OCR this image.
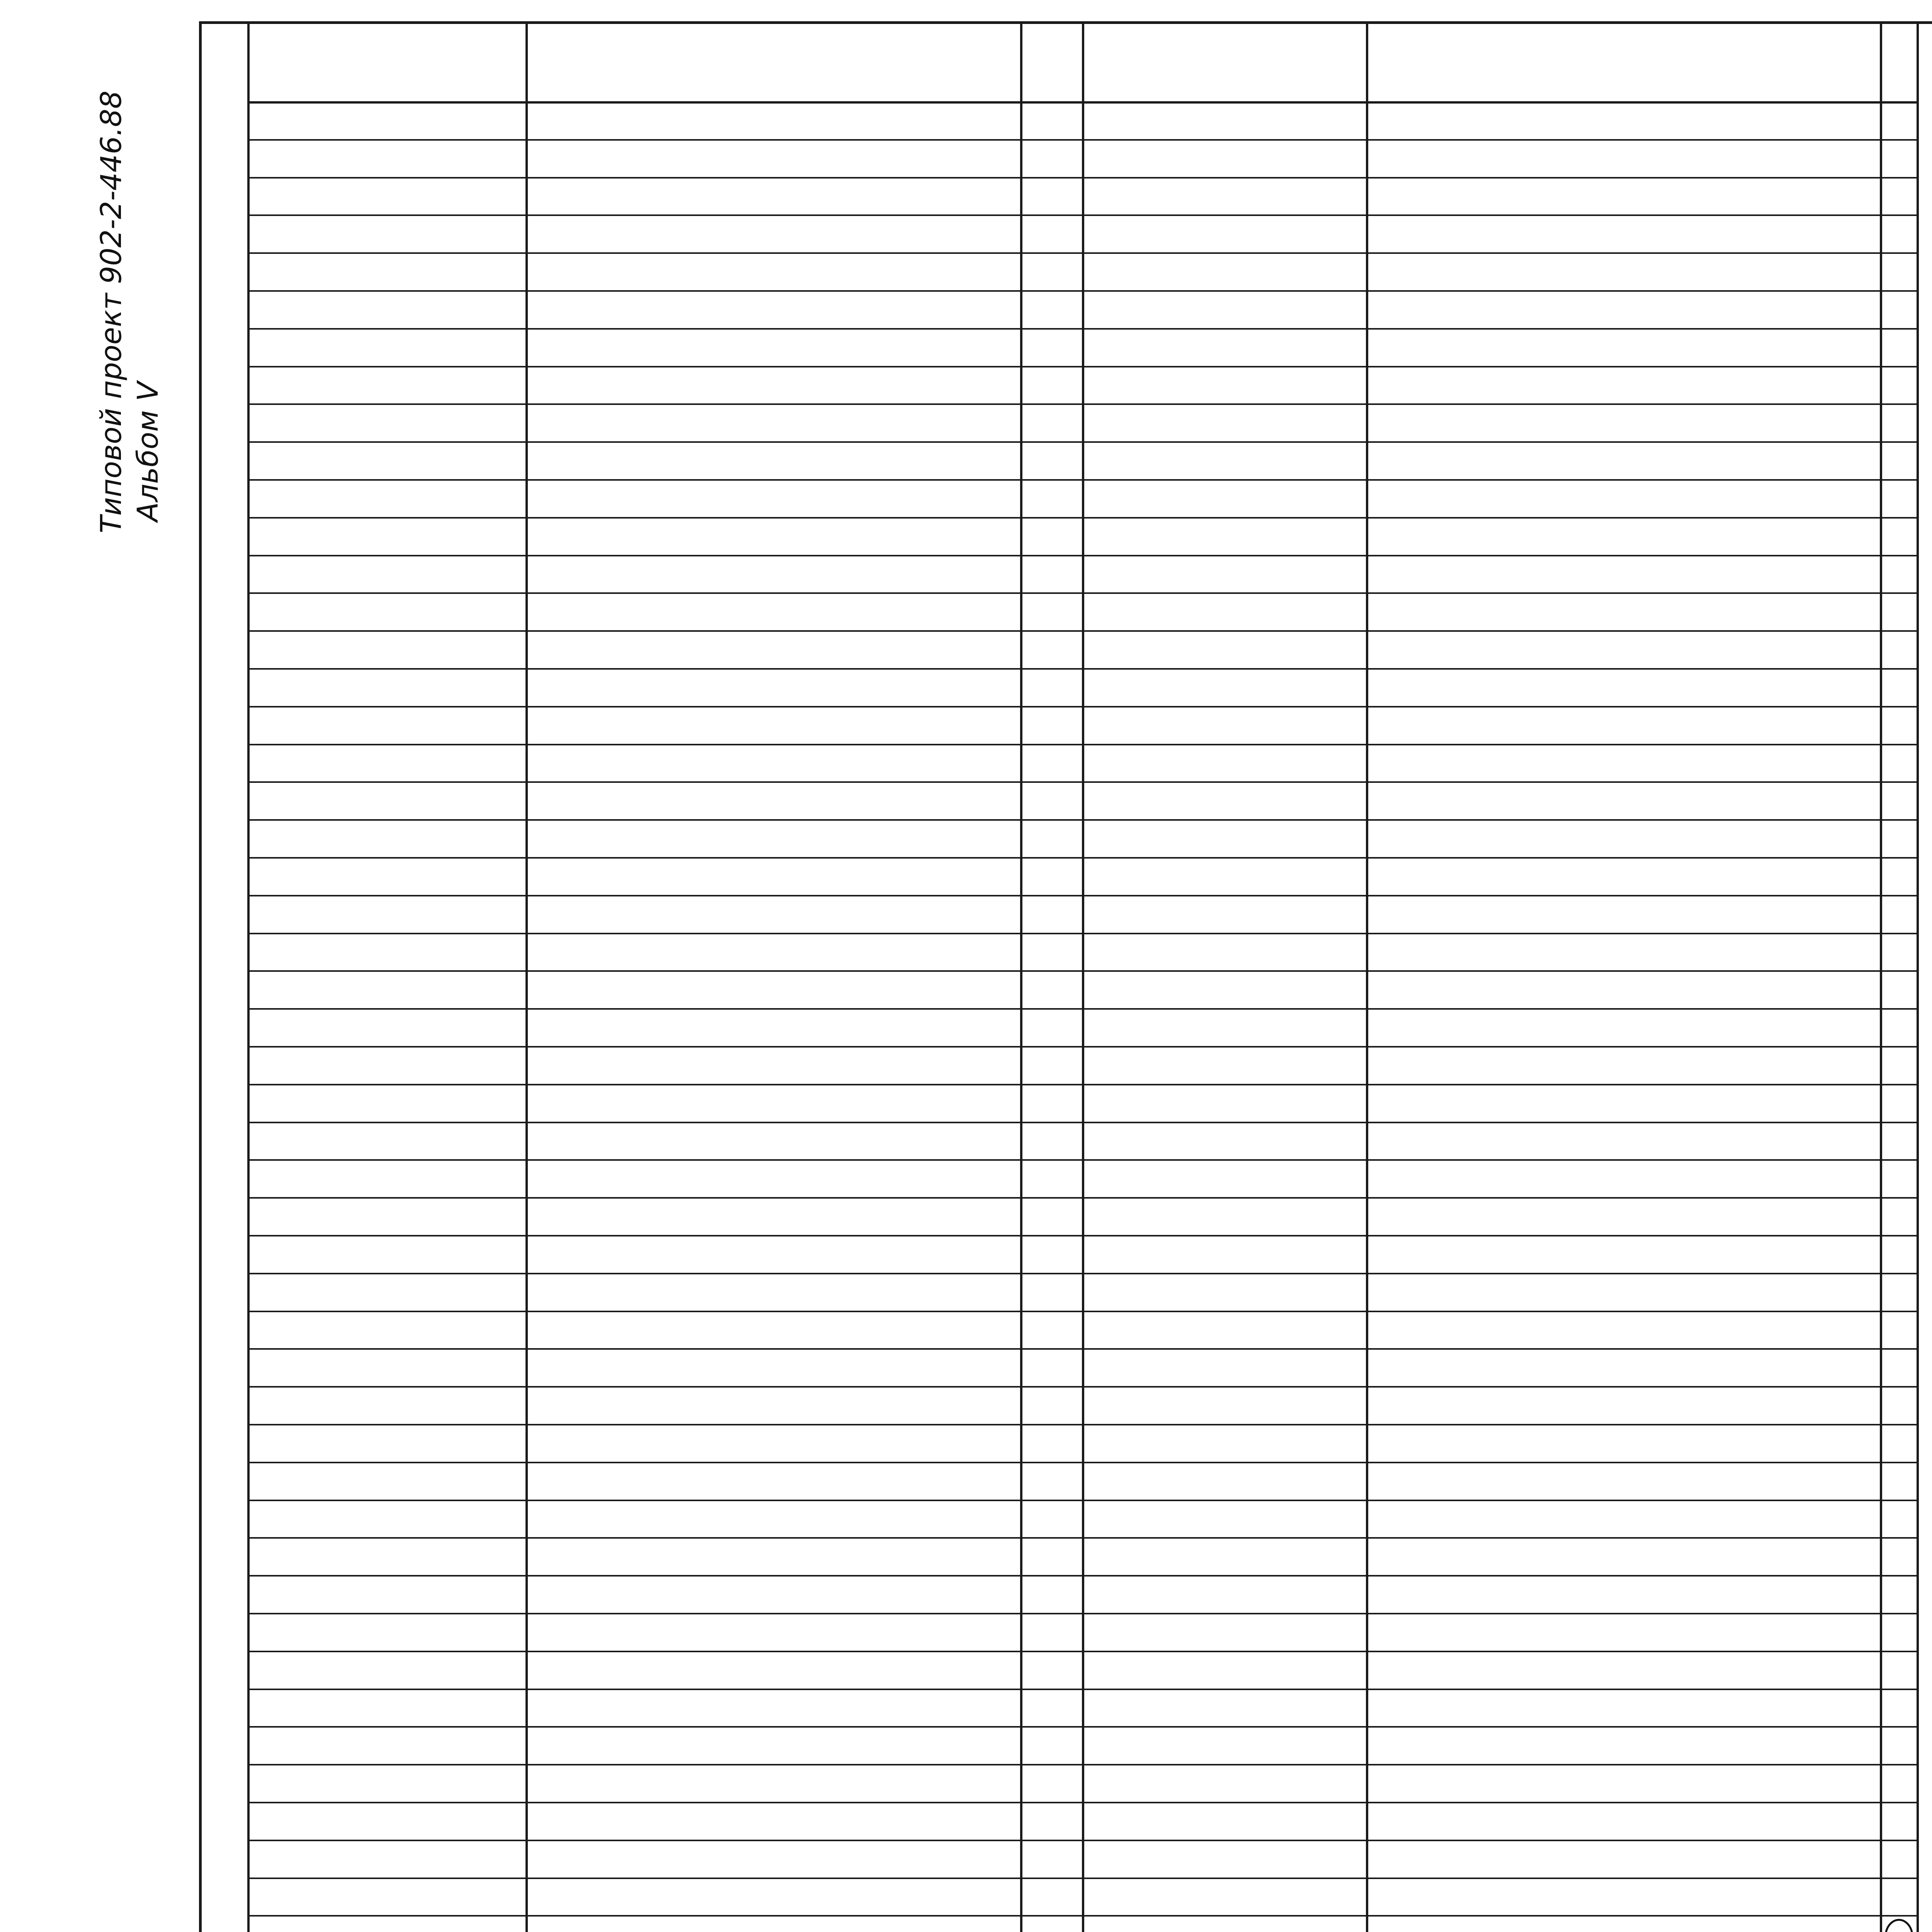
Типовой проект 902-2-446.88 Альбом V
